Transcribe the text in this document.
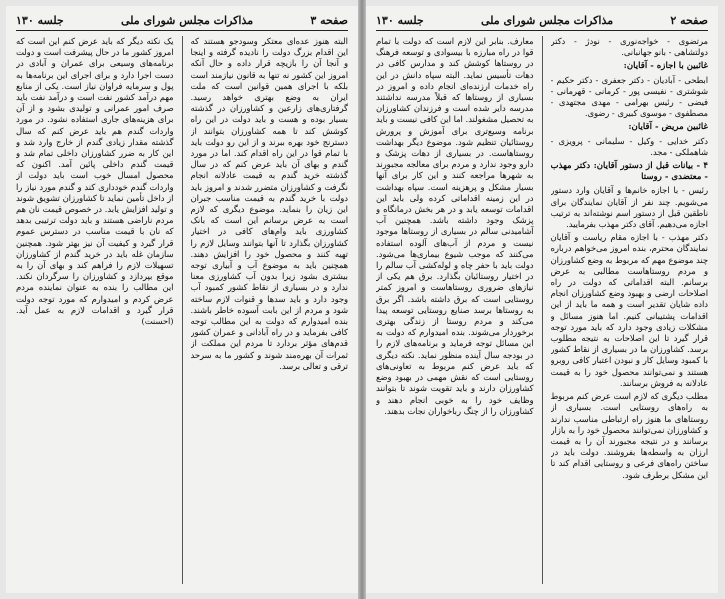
صفحه ۳
مذاکرات مجلس شورای ملی
جلسه ۱۳۰

البته هنوز عده‌ای معتکر وسودجو هستند که این اقدام بزرگ دولت را نادیده گرفته و اینجا و آنجا آن را بازیچه قرار داده و حال آنکه امروز این کشور نه تنها به قانون نیازمند است بلکه با اجرای همین قوانین است که ملت ایران به وضع بهتری خواهد رسید. گرفتاری‌های زارعین و کشاورزان در گذشته بسیار بوده و هست و باید دولت در این راه کوشش کند تا همه کشاورزان بتوانند از دسترنج خود بهره ببرند و از این رو دولت باید با تمام قوا در این راه اقدام کند. اما در مورد گندم و بهای آن باید عرض کنم که در سال گذشته خرید گندم به قیمت عادلانه انجام نگرفت و کشاورزان متضرر شدند و امروز باید دولت با خرید گندم به قیمت مناسب جبران این زیان را بنماید. موضوع دیگری که لازم است به عرض برسانم این است که بانک کشاورزی باید وام‌های کافی در اختیار کشاورزان بگذارد تا آنها بتوانند وسایل لازم را تهیه کنند و محصول خود را افزایش دهند. همچنین باید به موضوع آب و آبیاری توجه بیشتری بشود زیرا بدون آب کشاورزی معنا ندارد و در بسیاری از نقاط کشور کمبود آب وجود دارد و باید سدها و قنوات لازم ساخته شود و مردم از این بابت آسوده خاطر باشند. بنده امیدوارم که دولت به این مطالب توجه کافی بفرماید و در راه آبادانی و عمران کشور قدم‌های مؤثر بردارد تا مردم این مملکت از ثمرات آن بهره‌مند شوند و کشور ما به سرحد ترقی و تعالی برسد.

یک نکته دیگر که باید عرض کنم این است که امروز کشور ما در حال پیشرفت است و دولت برنامه‌های وسیعی برای عمران و آبادی در دست اجرا دارد و برای اجرای این برنامه‌ها به پول و سرمایه فراوان نیاز است. یکی از منابع مهم درآمد کشور نفت است و درآمد نفت باید صرف امور عمرانی و تولیدی بشود و از آن برای هزینه‌های جاری استفاده نشود. در مورد واردات گندم هم باید عرض کنم که سال گذشته مقدار زیادی گندم از خارج وارد شد و این کار به ضرر کشاورزان داخلی تمام شد و قیمت گندم داخلی پائین آمد. اکنون که محصول امسال خوب است باید دولت از واردات گندم خودداری کند و گندم مورد نیاز را از داخل تأمین نماید تا کشاورزان تشویق شوند و تولید افزایش یابد. در خصوص قیمت نان هم مردم ناراضی هستند و باید دولت ترتیبی بدهد که نان با قیمت مناسب در دسترس عموم قرار گیرد و کیفیت آن نیز بهتر شود. همچنین سازمان غله باید در خرید گندم از کشاورزان تسهیلات لازم را فراهم کند و بهای آن را به موقع بپردازد و کشاورزان را سرگردان نکند. این مطالب را بنده به عنوان نماینده مردم عرض کردم و امیدوارم که مورد توجه دولت قرار گیرد و اقدامات لازم به عمل آید. (احسنت)

صفحه ۲
مذاکرات مجلس شورای ملی
جلسه ۱۳۰

مرتضوی - خواجه‌نوری - نودژ - دکتر دولتشاهی - بانو جهانبانی.

غائبین با اجازه - آقایان:

ابطحی - آبادیان - دکتر جعفری - دکتر حکیم - شوشتری - نفیسی پور - کرمانی - قهرمانی - فیضی - رئیس بهرامی - مهدی مجتهدی - مصطفوی - موسوی کبیری - رضوی.

غائبین مریض - آقایان:

دکتر خدایی - وکیل - سلیمانی - پرویزی - شاهملکی - مجد.

۴ - بیانات قبل از دستور آقایان: دکتر مهذب - معتضدی - روستا

رئیس - با اجازه خانم‌ها و آقایان وارد دستور می‌شویم. چند نفر از آقایان نمایندگان برای ناطقین قبل از دستور اسم نوشته‌اند به ترتیب اجازه می‌دهیم. آقای دکتر مهذب بفرمایید.

دکتر مهذب - با اجازه مقام ریاست و آقایان نمایندگان محترم، بنده امروز می‌خواهم درباره چند موضوع مهم که مربوط به وضع کشاورزان و مردم روستاهاست مطالبی به عرض برسانم. البته اقداماتی که دولت در راه اصلاحات ارضی و بهبود وضع کشاورزان انجام داده شایان تقدیر است و همه ما باید از این اقدامات پشتیبانی کنیم. اما هنوز مسائل و مشکلات زیادی وجود دارد که باید مورد توجه قرار گیرد تا این اصلاحات به نتیجه مطلوب برسد. کشاورزان ما در بسیاری از نقاط کشور با کمبود وسایل کار و نبودن اعتبار کافی روبرو هستند و نمی‌توانند محصول خود را به قیمت عادلانه به فروش برسانند.

مطلب دیگری که لازم است عرض کنم مربوط به راه‌های روستایی است. بسیاری از روستاهای ما هنوز راه ارتباطی مناسب ندارند و کشاورزان نمی‌توانند محصول خود را به بازار برسانند و در نتیجه مجبورند آن را به قیمت ارزان به واسطه‌ها بفروشند. دولت باید در ساختن راه‌های فرعی و روستایی اقدام کند تا این مشکل برطرف شود.

معارف. بنابر این لازم است که دولت با تمام قوا در راه مبارزه با بیسوادی و توسعه فرهنگ در روستاها کوشش کند و مدارس کافی در دهات تأسیس نماید. البته سپاه دانش در این راه خدمات ارزنده‌ای انجام داده و امروز در بسیاری از روستاها که قبلاً مدرسه نداشتند مدرسه دایر شده است و فرزندان کشاورزان به تحصیل مشغولند. اما این کافی نیست و باید برنامه وسیع‌تری برای آموزش و پرورش روستائیان تنظیم شود. موضوع دیگر بهداشت روستاهاست. در بسیاری از دهات پزشک و دارو وجود ندارد و مردم برای معالجه مجبورند به شهرها مراجعه کنند و این کار برای آنها بسیار مشکل و پرهزینه است. سپاه بهداشت در این زمینه اقداماتی کرده ولی باید این اقدامات توسعه یابد و در هر بخش درمانگاه و پزشک وجود داشته باشد. همچنین آب آشامیدنی سالم در بسیاری از روستاها موجود نیست و مردم از آب‌های آلوده استفاده می‌کنند که موجب شیوع بیماری‌ها می‌شود. دولت باید با حفر چاه و لوله‌کشی آب سالم را در اختیار روستائیان بگذارد. برق هم یکی از نیازهای ضروری روستاهاست و امروز کمتر روستایی است که برق داشته باشد. اگر برق به روستاها برسد صنایع روستایی توسعه پیدا می‌کند و مردم روستا از زندگی بهتری برخوردار می‌شوند. بنده امیدوارم که دولت به این مسائل توجه فرماید و برنامه‌های لازم را در بودجه سال آینده منظور نماید. نکته دیگری که باید عرض کنم مربوط به تعاونی‌های روستایی است که نقش مهمی در بهبود وضع کشاورزان دارند و باید تقویت شوند تا بتوانند وظایف خود را به خوبی انجام دهند و کشاورزان را از چنگ رباخواران نجات بدهند.
